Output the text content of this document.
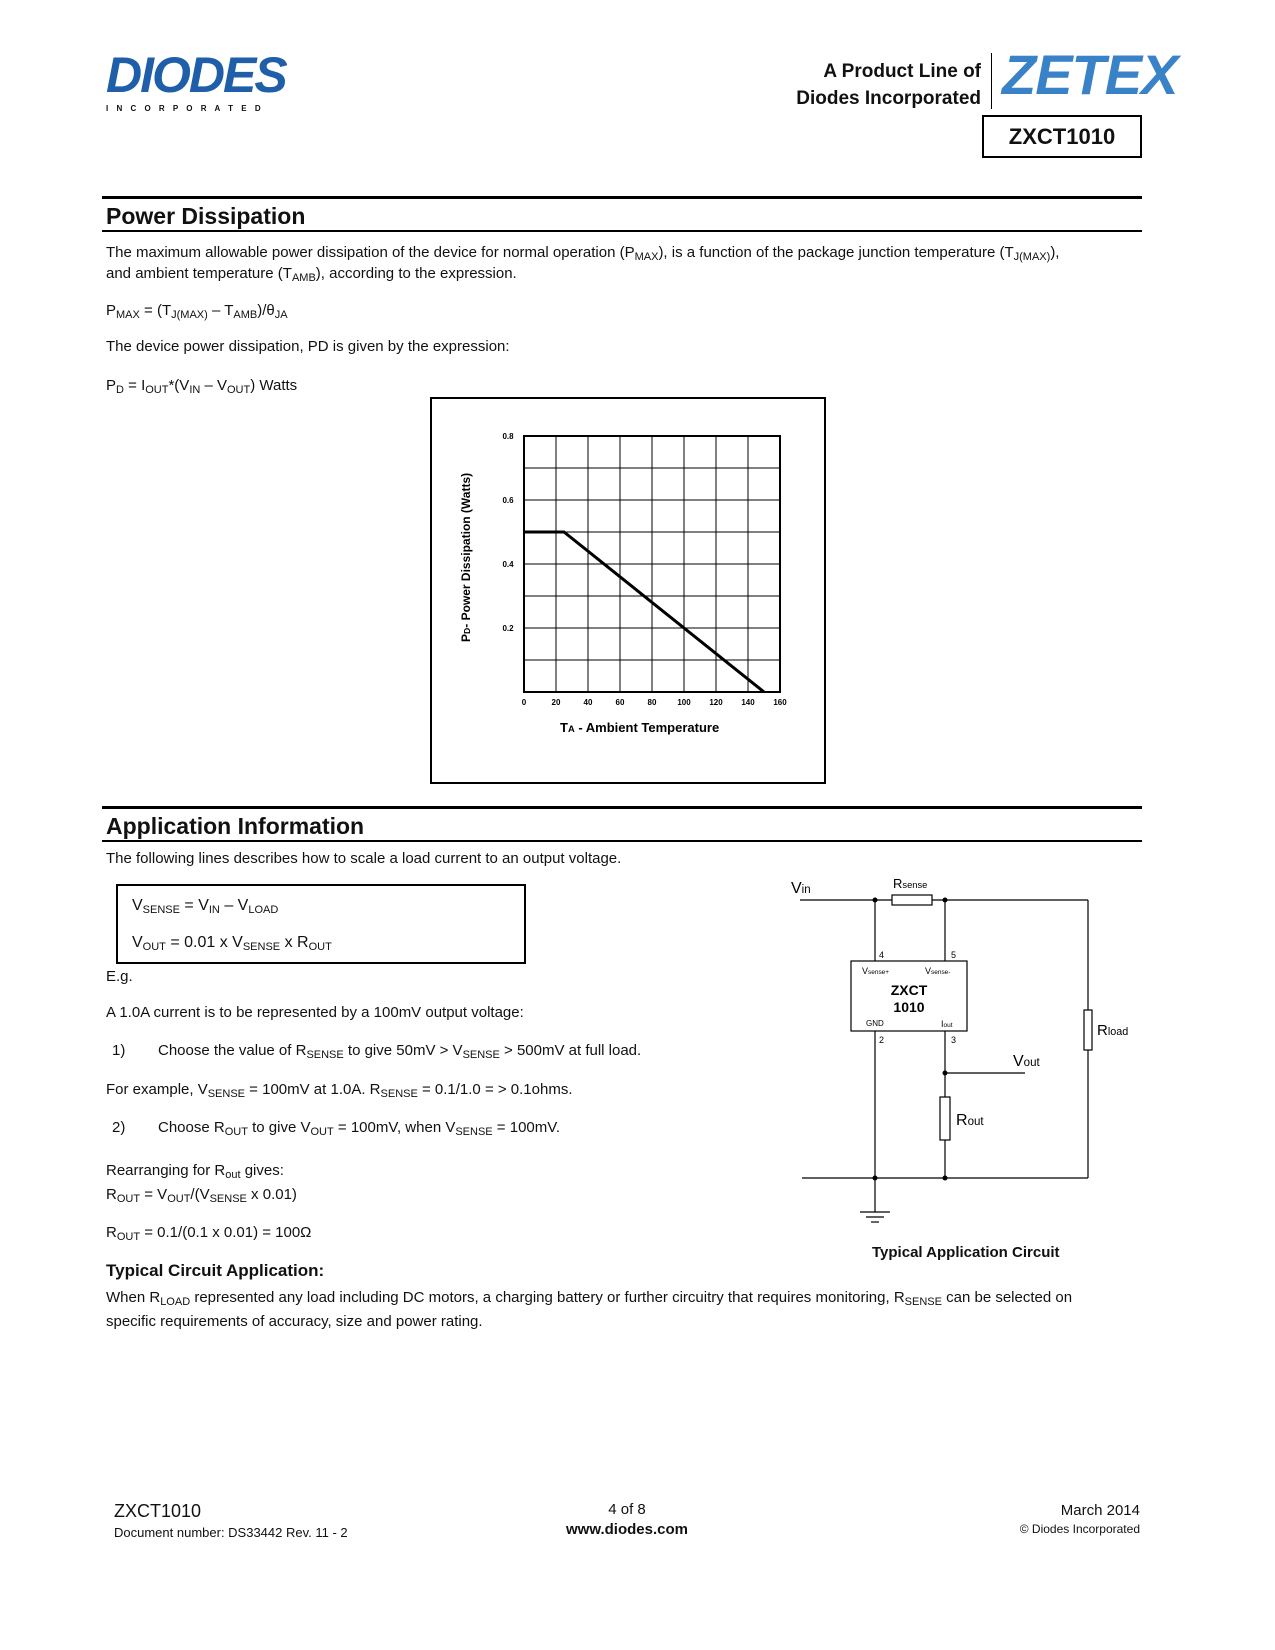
DIODES
I N C O R P O R A T E D
A Product Line of
Diodes Incorporated ZETEX
ZXCT1010
Power Dissipation

The maximum allowable power dissipation of the device for normal operation $(P_{MAX})$, is a function of the package junction temperature $(T_{J(MAX)})$,
and ambient temperature $(T_{AMB})$, according to the expression.

$P_{MAX} = (T_{J(MAX)} - T_{AMB})/\theta_{JA}$

The device power dissipation, PD is given by the expression:

$P_D = I_{OUT}*(V_{IN} - V_{OUT})$ Watts

0	20	40	60	80	100 120 140 160
0.2
0.4
0.6
0.8
TA - Ambient Temperature
PD- Power Dissipation (Watts)
Vin	Rsense
Vsense+	Vsense-
ZXCT
1010
GND	Iout
4	5
2	3
Vout
Rout
Rload
Application Information

The following lines describes how to scale a load current to an output voltage.

$V_{SENSE} = V_{IN} - V_{LOAD}$

$V_{OUT} = 0.01$ x $V_{SENSE}$ x $R_{OUT}$

E.g.

A 1.0A current is to be represented by a 100mV output voltage:

1) Choose the value of $R_{SENSE}$ to give $50mV > V_{SENSE} > 500mV$ at full load.

For example, $V_{SENSE} = 100mV$ at 1.0A. $R_{SENSE} = 0.1/1.0$ = > 0.1ohms.

2) Choose $R_{OUT}$ to give $V_{OUT} = 100mV$, when $V_{SENSE} = 100mV$.

Rearranging for $R_{out}$ gives:

$R_{OUT} = V_{OUT}/(V_{SENSE}$ x 0.01)

$R_{OUT} = 0.1/(0.1$ x 0.01) = 100Ω

Typical Circuit Application:

When $R_{LOAD}$ represented any load including DC motors, a charging battery or further circuitry that requires monitoring, $R_{SENSE}$ can be selected on
specific requirements of accuracy, size and power rating.

Typical Application Circuit

ZXCT1010
Document number: DS33442 Rev. 11 - 2
4 of 8
www.diodes.com
March 2014
© Diodes Incorporated
